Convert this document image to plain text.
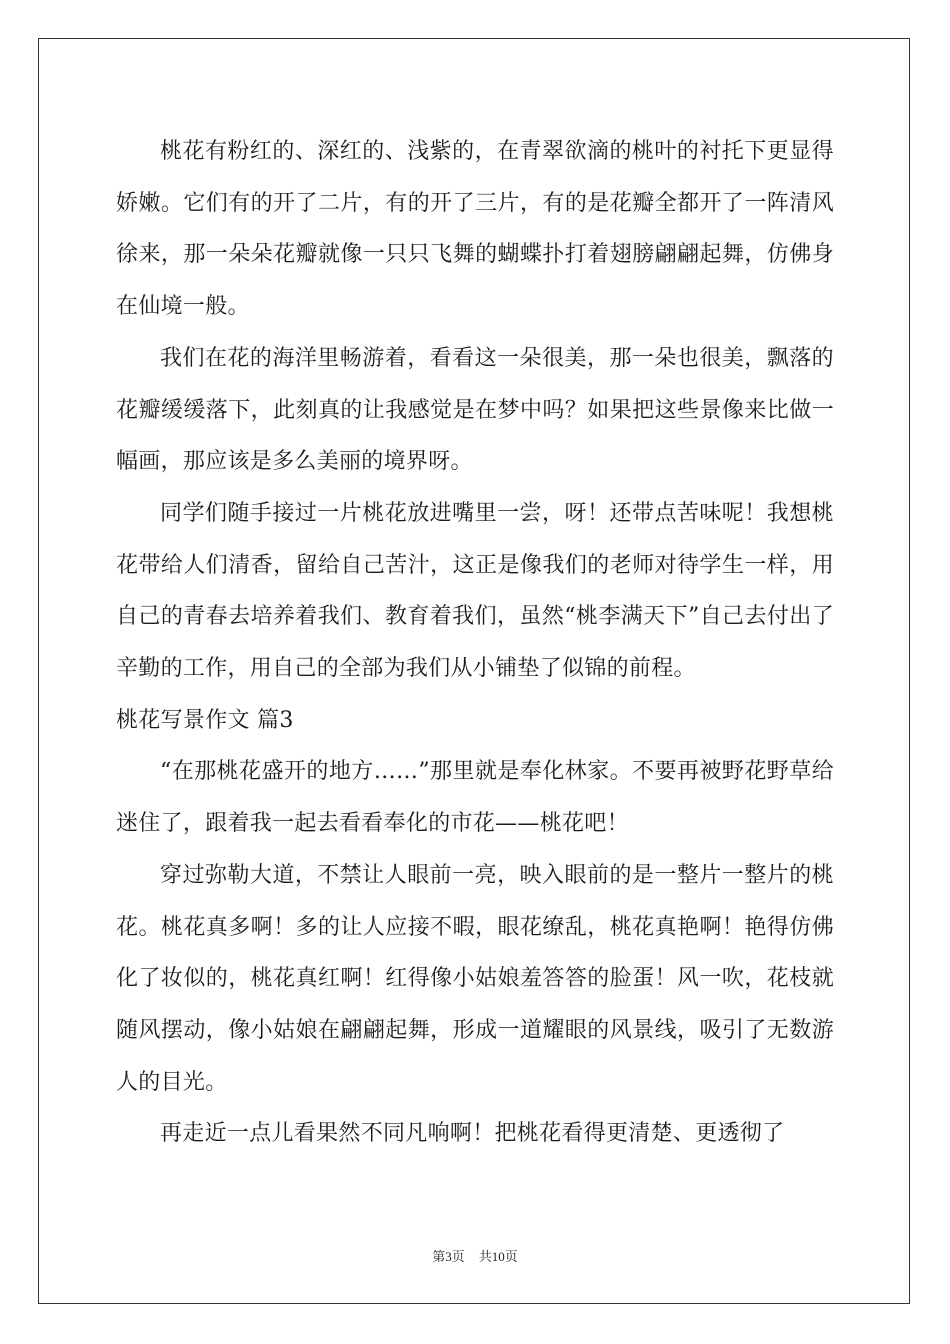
桃花有粉红的、深红的、浅紫的，在青翠欲滴的桃叶的衬托下更显得娇嫩。它们有的开了二片，有的开了三片，有的是花瓣全都开了一阵清风徐来，那一朵朵花瓣就像一只只飞舞的蝴蝶扑打着翅膀翩翩起舞，仿佛身在仙境一般。

我们在花的海洋里畅游着，看看这一朵很美，那一朵也很美，飘落的花瓣缓缓落下，此刻真的让我感觉是在梦中吗？如果把这些景像来比做一幅画，那应该是多么美丽的境界呀。

同学们随手接过一片桃花放进嘴里一尝，呀！还带点苦味呢！我想桃花带给人们清香，留给自己苦汁，这正是像我们的老师对待学生一样，用自己的青春去培养着我们、教育着我们，虽然“桃李满天下”自己去付出了辛勤的工作，用自己的全部为我们从小铺垫了似锦的前程。

桃花写景作文 篇3

“在那桃花盛开的地方……”那里就是奉化林家。不要再被野花野草给迷住了，跟着我一起去看看奉化的市花——桃花吧！

穿过弥勒大道，不禁让人眼前一亮，映入眼前的是一整片一整片的桃花。桃花真多啊！多的让人应接不暇，眼花缭乱，桃花真艳啊！艳得仿佛化了妆似的，桃花真红啊！红得像小姑娘羞答答的脸蛋！风一吹，花枝就随风摆动，像小姑娘在翩翩起舞，形成一道耀眼的风景线，吸引了无数游人的目光。

再走近一点儿看果然不同凡响啊！把桃花看得更清楚、更透彻了

第3页 共10页
